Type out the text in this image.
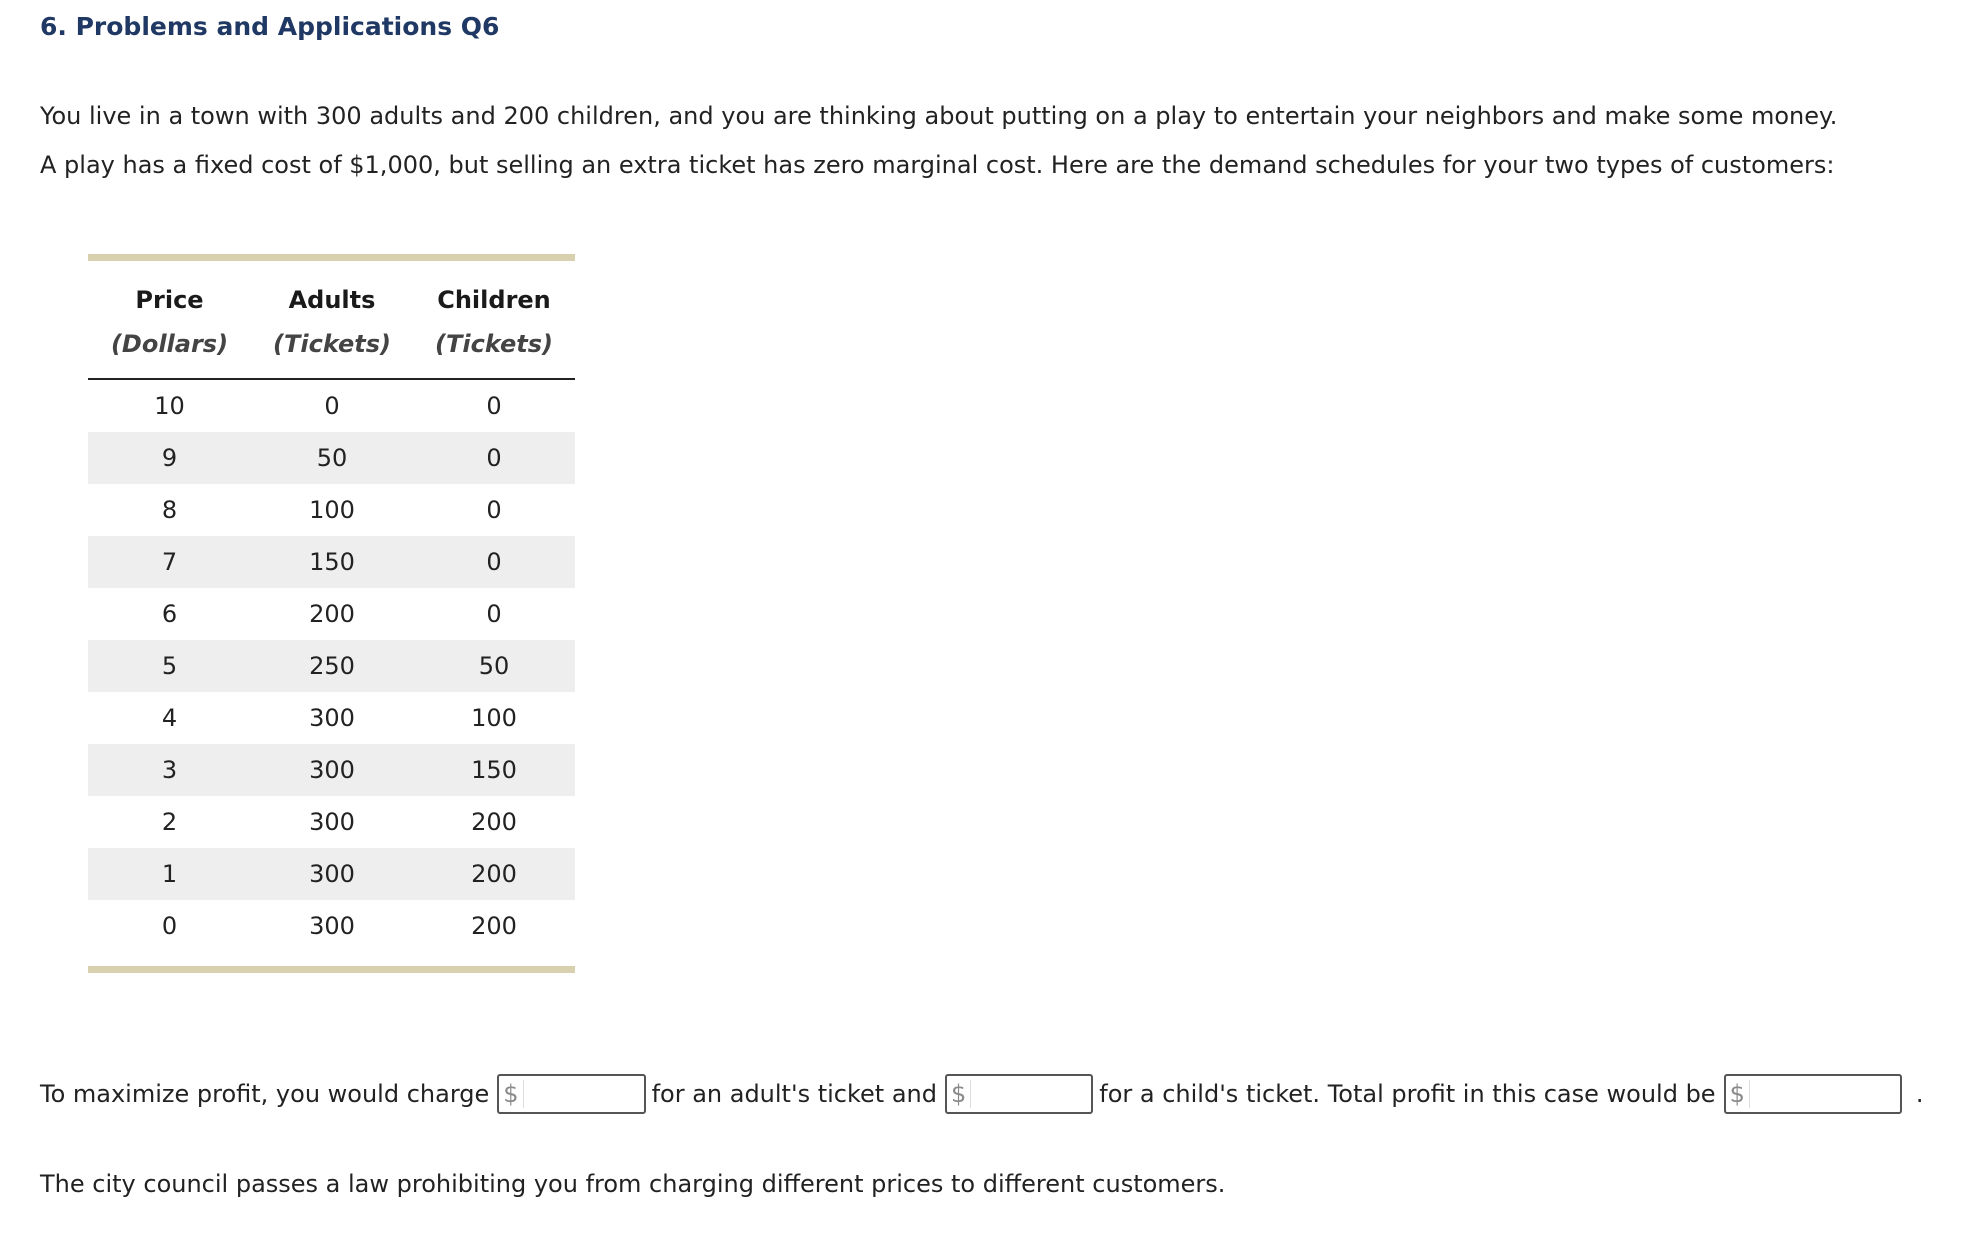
6. Problems and Applications Q6

You live in a town with 300 adults and 200 children, and you are thinking about putting on a play to entertain your neighbors and make some money.

A play has a fixed cost of $1,000, but selling an extra ticket has zero marginal cost. Here are the demand schedules for your two types of customers:

Price	Adults	Children
(Dollars)	(Tickets)	(Tickets)
10	0	0
9	50	0
8	100	0
7	150	0
6	200	0
5	250	50
4	300	100
3	300	150
2	300	200
1	300	200
0	300	200
To maximize profit, you would charge $	for an adult's ticket and $	for a child's ticket. Total profit in this case would be $	.
The city council passes a law prohibiting you from charging different prices to different customers.
